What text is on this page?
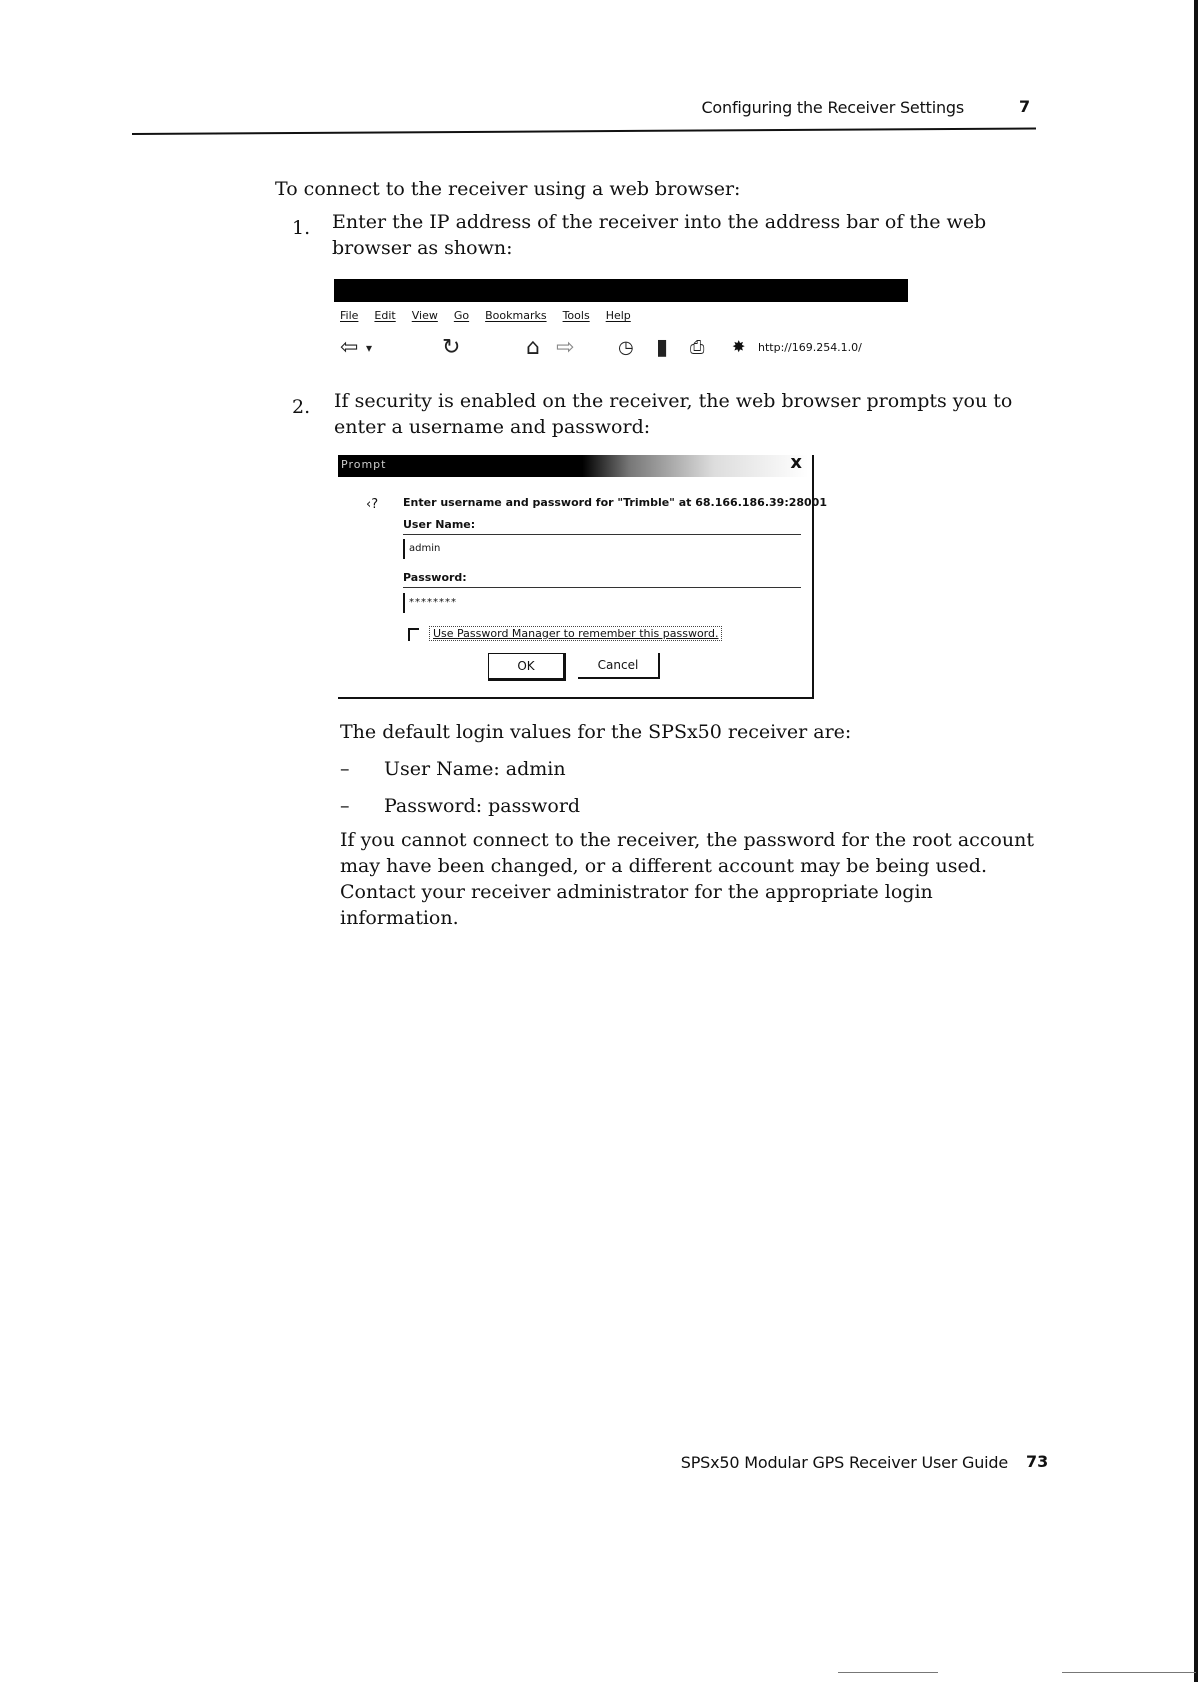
Configuring the Receiver Settings	7
To connect to the receiver using a web browser:
1. Enter the IP address of the receiver into the address bar of the web browser as shown:
File Edit View Go Bookmarks Tools Help
⇦ ▾	↻	⌂ ⇨ ◷ ▮ ⎙ ✸ http://169.254.1.0/
2. If security is enabled on the receiver, the web browser prompts you to enter a username and password:
Prompt	x
‹? Enter username and password for "Trimble" at 68.166.186.39:28001
User Name:
admin
Password:
********
Use Password Manager to remember this password.
OK	Cancel
The default login values for the SPSx50 receiver are:
– User Name: admin
– Password: password
If you cannot connect to the receiver, the password for the root account may have been changed, or a different account may be being used. Contact your receiver administrator for the appropriate login information.
SPSx50 Modular GPS Receiver User Guide 73
